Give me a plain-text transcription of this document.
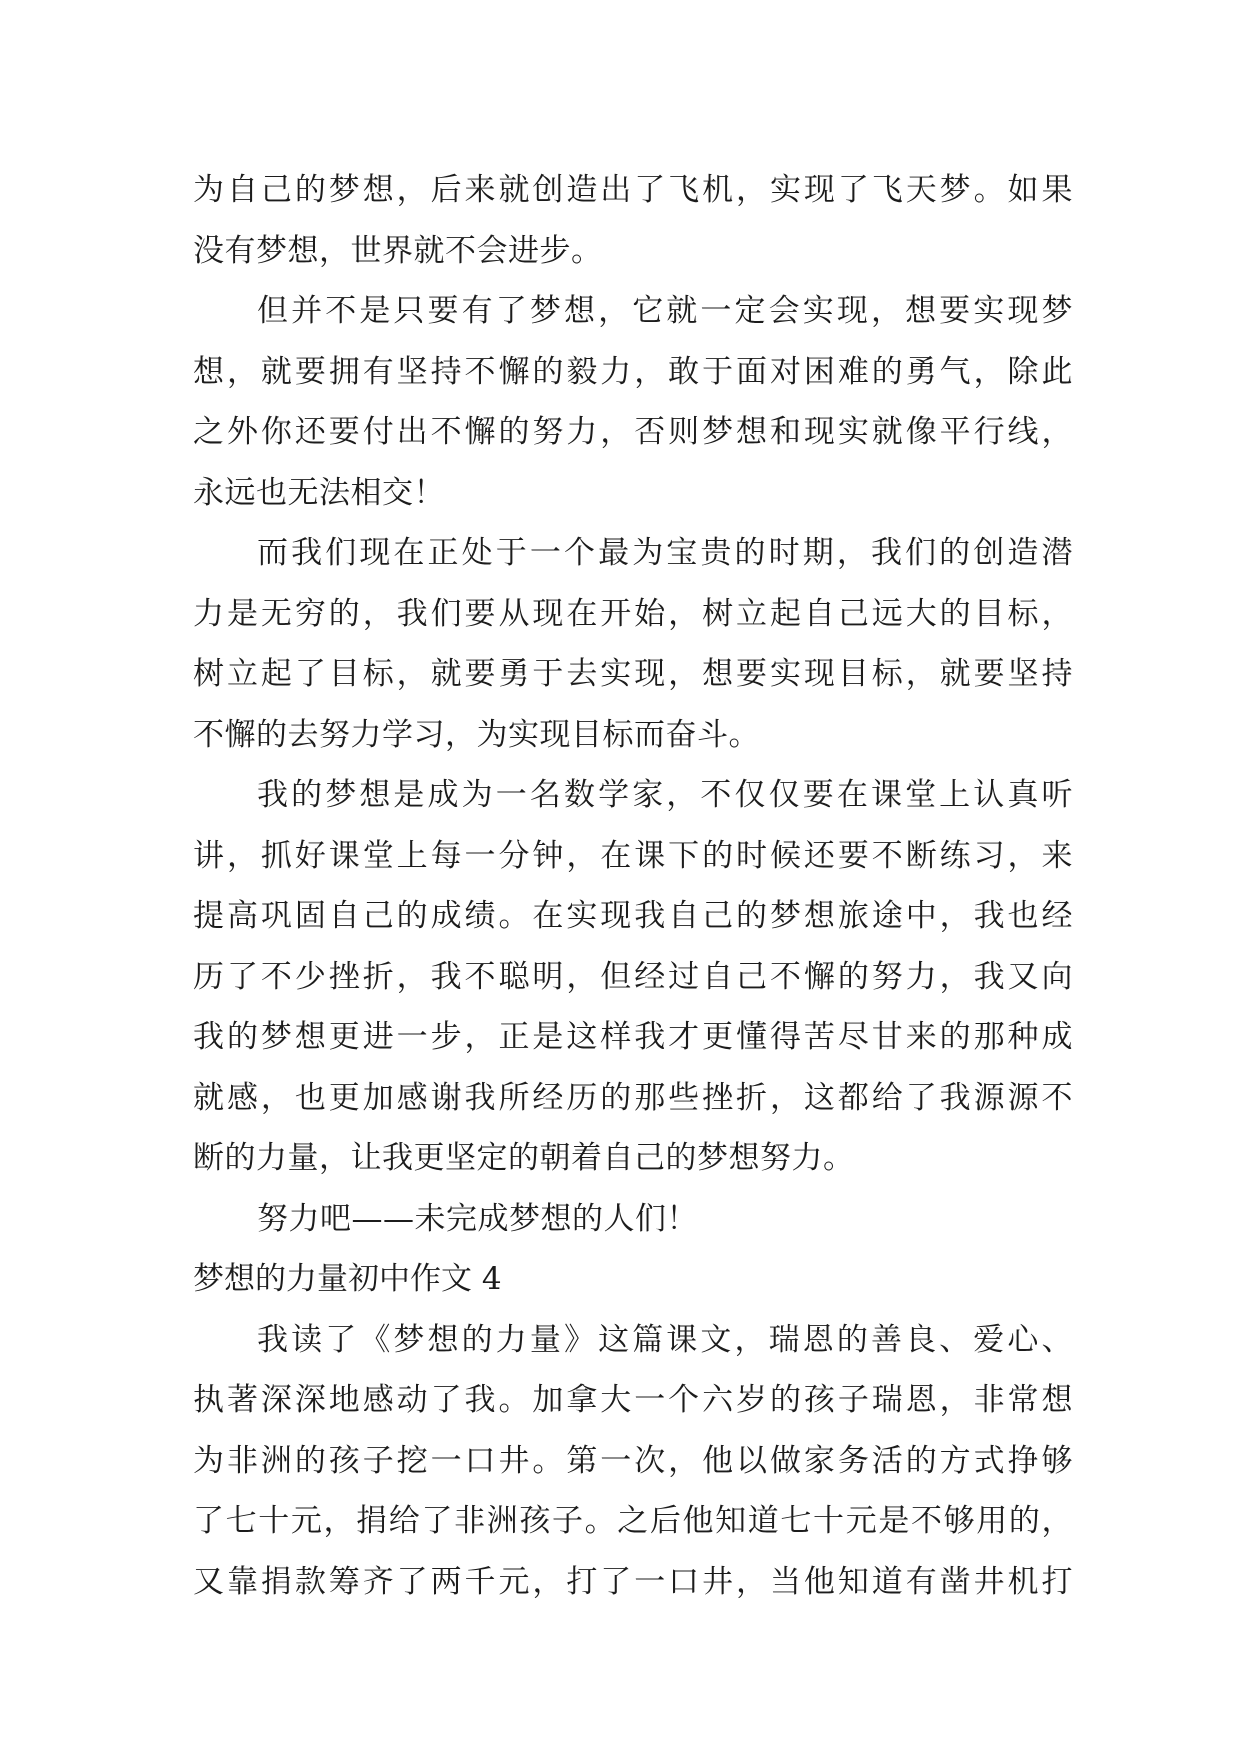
为自己的梦想，后来就创造出了飞机，实现了飞天梦。如果
没有梦想，世界就不会进步。
但并不是只要有了梦想，它就一定会实现，想要实现梦
想，就要拥有坚持不懈的毅力，敢于面对困难的勇气，除此
之外你还要付出不懈的努力，否则梦想和现实就像平行线，
永远也无法相交！
而我们现在正处于一个最为宝贵的时期，我们的创造潜
力是无穷的，我们要从现在开始，树立起自己远大的目标，
树立起了目标，就要勇于去实现，想要实现目标，就要坚持
不懈的去努力学习，为实现目标而奋斗。
我的梦想是成为一名数学家，不仅仅要在课堂上认真听
讲，抓好课堂上每一分钟，在课下的时候还要不断练习，来
提高巩固自己的成绩。在实现我自己的梦想旅途中，我也经
历了不少挫折，我不聪明，但经过自己不懈的努力，我又向
我的梦想更进一步，正是这样我才更懂得苦尽甘来的那种成
就感，也更加感谢我所经历的那些挫折，这都给了我源源不
断的力量，让我更坚定的朝着自己的梦想努力。
努力吧——未完成梦想的人们！
梦想的力量初中作文 4
我读了《梦想的力量》这篇课文，瑞恩的善良、爱心、
执著深深地感动了我。加拿大一个六岁的孩子瑞恩，非常想
为非洲的孩子挖一口井。第一次，他以做家务活的方式挣够
了七十元，捐给了非洲孩子。之后他知道七十元是不够用的，
又靠捐款筹齐了两千元，打了一口井，当他知道有凿井机打
